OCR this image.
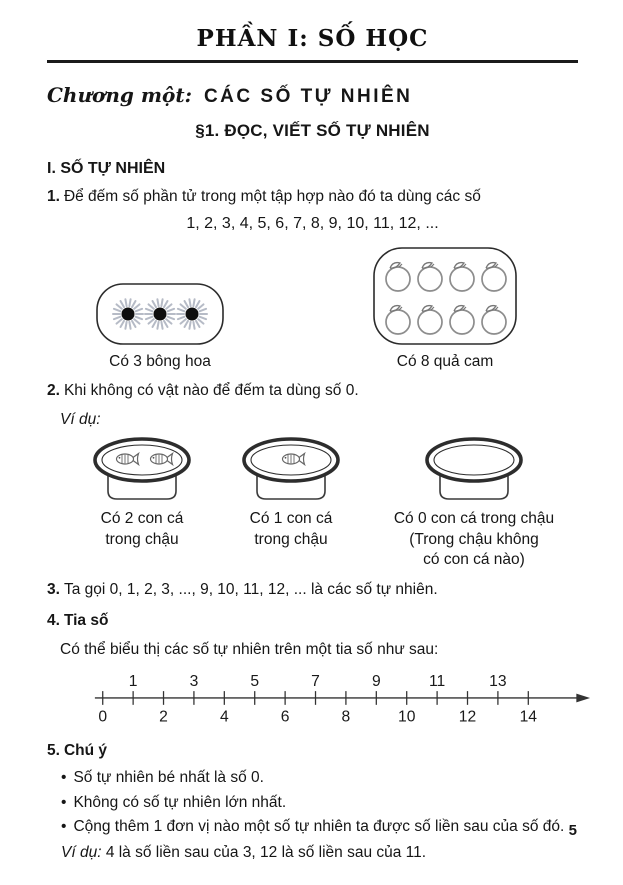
PHẦN I: SỐ HỌC
Chương một: CÁC SỐ TỰ NHIÊN
§1. ĐỌC, VIẾT SỐ TỰ NHIÊN
I. SỐ TỰ NHIÊN

1. Để đếm số phần tử trong một tập hợp nào đó ta dùng các số

1, 2, 3, 4, 5, 6, 7, 8, 9, 10, 11, 12, ...

Có 3 bông hoa	Có 8 quả cam

2. Khi không có vật nào để đếm ta dùng số 0.

Ví dụ:

Có 2 con cá
trong chậu
Có 1 con cá
trong chậu
Có 0 con cá trong chậu
(Trong chậu không
có con cá nào)

3. Ta gọi 0, 1, 2, 3, ..., 9, 10, 11, 12, ... là các số tự nhiên.

4. Tia số

Có thể biểu thị các số tự nhiên trên một tia số như sau:

0
1
2
3
4
5
6
7
8
9
10
11
12
13
14

5. Chú ý

• Số tự nhiên bé nhất là số 0.
• Không có số tự nhiên lớn nhất.
• Cộng thêm 1 đơn vị nào một số tự nhiên ta được số liền sau của số đó.

Ví dụ: 4 là số liền sau của 3, 12 là số liền sau của 11.

5
